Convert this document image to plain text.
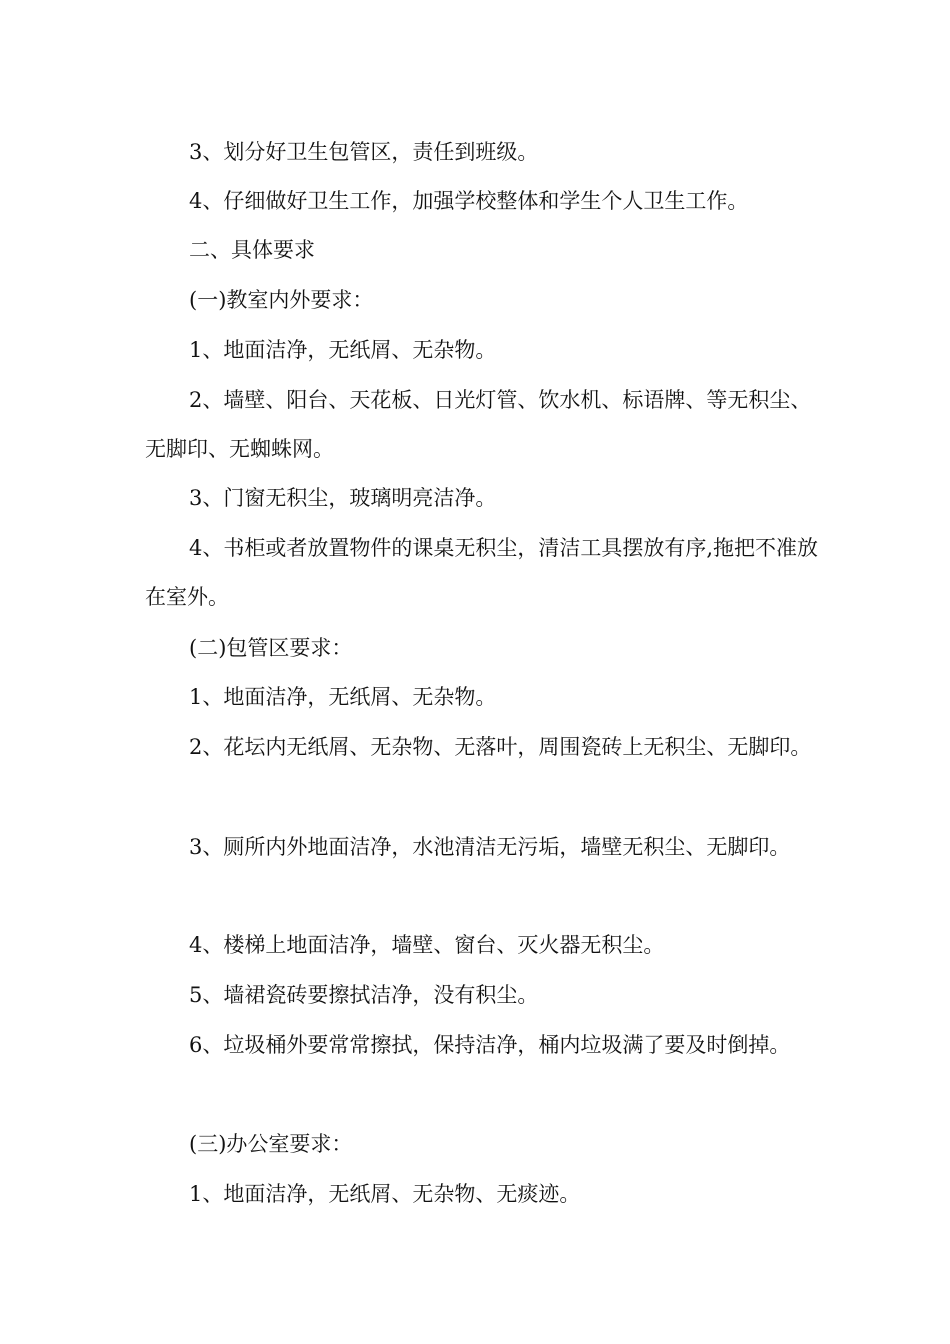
3、划分好卫生包管区，责任到班级。

4、仔细做好卫生工作，加强学校整体和学生个人卫生工作。

二、具体要求

(一)教室内外要求：

1、地面洁净，无纸屑、无杂物。

2、墙壁、阳台、天花板、日光灯管、饮水机、标语牌、等无积尘、无脚印、无蜘蛛网。

3、门窗无积尘，玻璃明亮洁净。

4、书柜或者放置物件的课桌无积尘，清洁工具摆放有序,拖把不准放在室外。

(二)包管区要求：

1、地面洁净，无纸屑、无杂物。

2、花坛内无纸屑、无杂物、无落叶，周围瓷砖上无积尘、无脚印。

3、厕所内外地面洁净，水池清洁无污垢，墙壁无积尘、无脚印。

4、楼梯上地面洁净，墙壁、窗台、灭火器无积尘。

5、墙裙瓷砖要擦拭洁净，没有积尘。

6、垃圾桶外要常常擦拭，保持洁净，桶内垃圾满了要及时倒掉。

(三)办公室要求：

1、地面洁净，无纸屑、无杂物、无痰迹。
